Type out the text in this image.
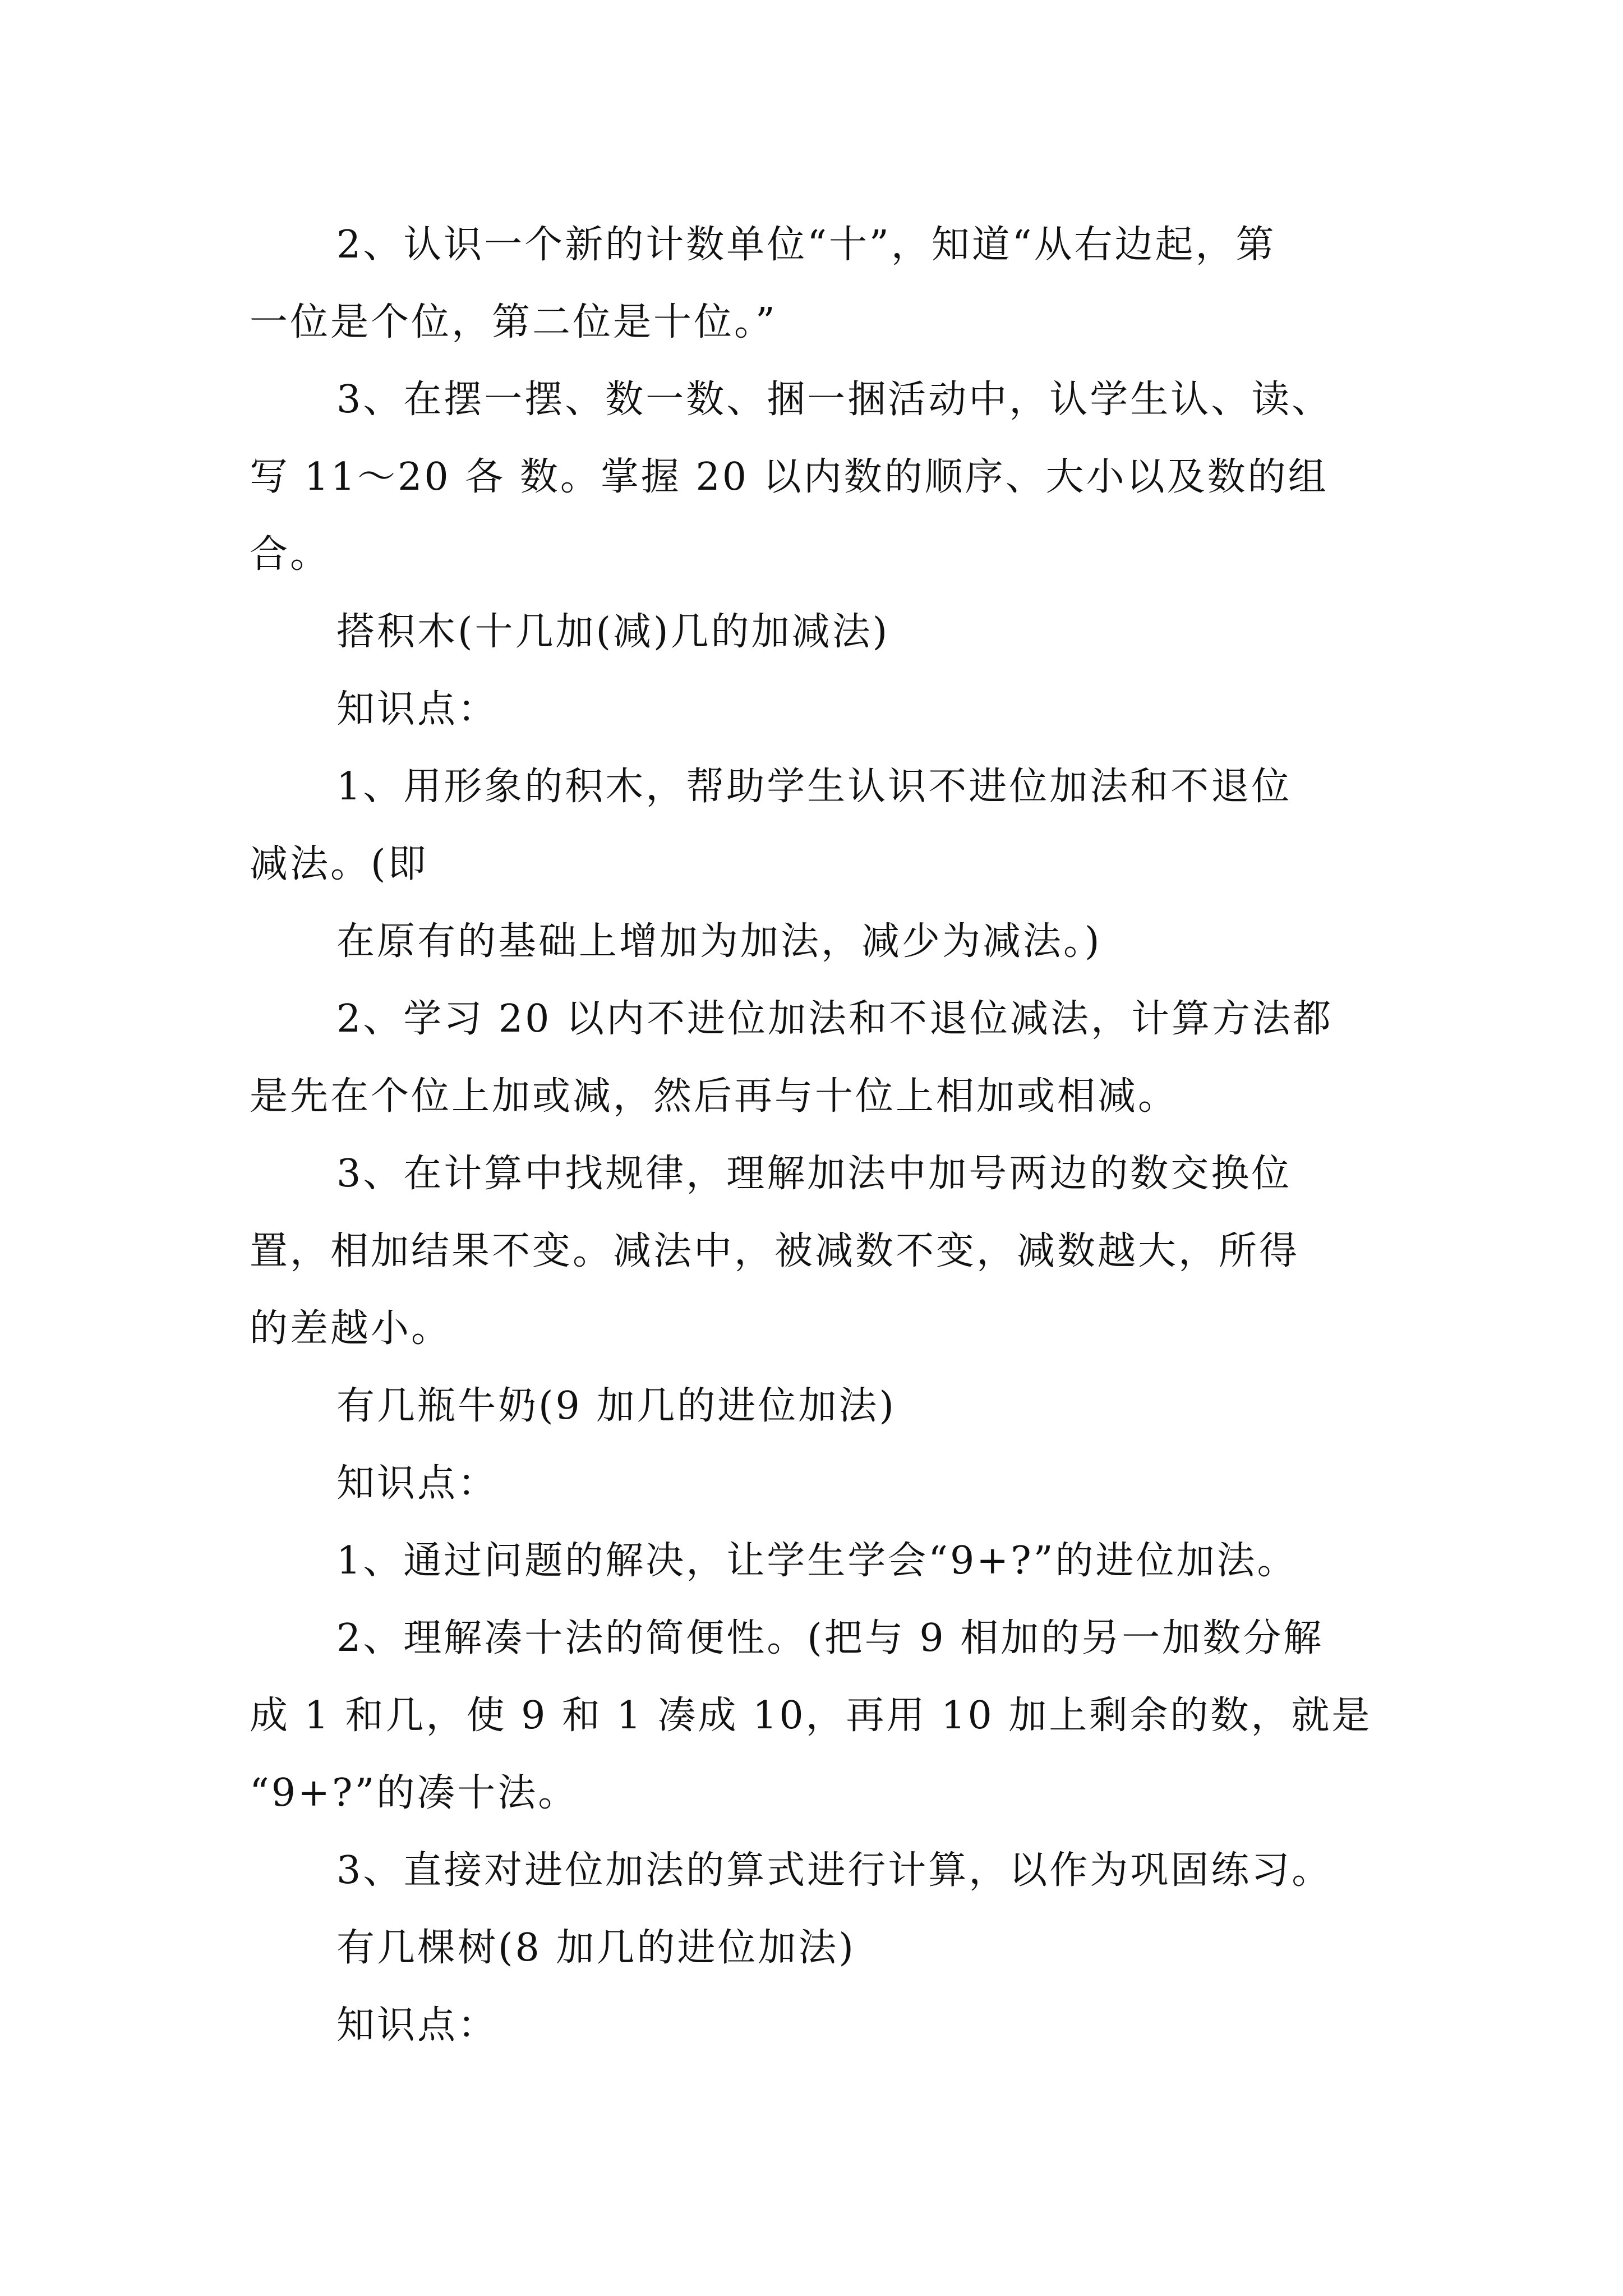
2、认识一个新的计数单位“十”，知道“从右边起，第
一位是个位，第二位是十位。”
3、在摆一摆、数一数、捆一捆活动中，认学生认、读、
写 11～20 各 数。掌握 20 以内数的顺序、大小以及数的组
合。
搭积木(十几加(减)几的加减法)
知识点：
1、用形象的积木，帮助学生认识不进位加法和不退位
减法。(即
在原有的基础上增加为加法，减少为减法。)
2、学习 20 以内不进位加法和不退位减法，计算方法都
是先在个位上加或减，然后再与十位上相加或相减。
3、在计算中找规律，理解加法中加号两边的数交换位
置，相加结果不变。减法中，被减数不变，减数越大，所得
的差越小。
有几瓶牛奶(9 加几的进位加法)
知识点：
1、通过问题的解决，让学生学会“9+?”的进位加法。
2、理解凑十法的简便性。(把与 9 相加的另一加数分解
成 1 和几，使 9 和 1 凑成 10，再用 10 加上剩余的数，就是
“9+?”的凑十法。
3、直接对进位加法的算式进行计算，以作为巩固练习。
有几棵树(8 加几的进位加法)
知识点：
